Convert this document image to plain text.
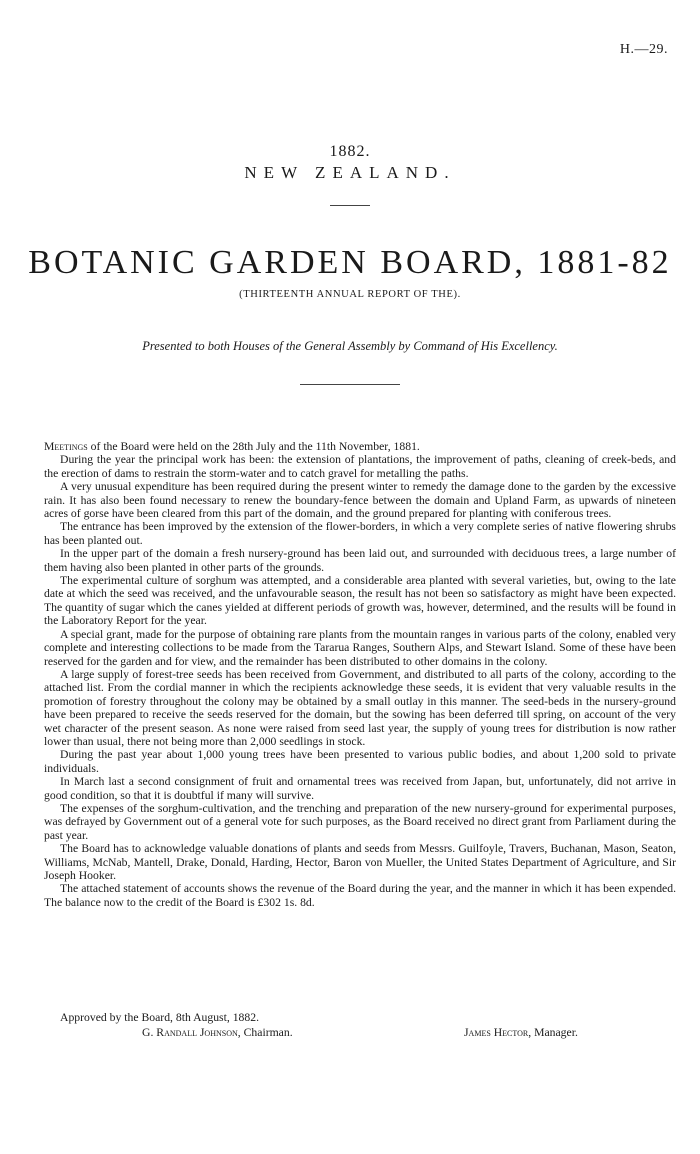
H.—29.
1882.
NEW ZEALAND.
BOTANIC GARDEN BOARD, 1881-82
(THIRTEENTH ANNUAL REPORT OF THE).
Presented to both Houses of the General Assembly by Command of His Excellency.

Meetings of the Board were held on the 28th July and the 11th November, 1881.

During the year the principal work has been: the extension of plantations, the improvement of paths, cleaning of creek-beds, and the erection of dams to restrain the storm-water and to catch gravel for metalling the paths.

A very unusual expenditure has been required during the present winter to remedy the damage done to the garden by the excessive rain. It has also been found necessary to renew the boundary-fence between the domain and Upland Farm, as upwards of nineteen acres of gorse have been cleared from this part of the domain, and the ground prepared for planting with coniferous trees.

The entrance has been improved by the extension of the flower-borders, in which a very complete series of native flowering shrubs has been planted out.

In the upper part of the domain a fresh nursery-ground has been laid out, and surrounded with deciduous trees, a large number of them having also been planted in other parts of the grounds.

The experimental culture of sorghum was attempted, and a considerable area planted with several varieties, but, owing to the late date at which the seed was received, and the unfavourable season, the result has not been so satisfactory as might have been expected. The quantity of sugar which the canes yielded at different periods of growth was, however, determined, and the results will be found in the Laboratory Report for the year.

A special grant, made for the purpose of obtaining rare plants from the mountain ranges in various parts of the colony, enabled very complete and interesting collections to be made from the Tararua Ranges, Southern Alps, and Stewart Island. Some of these have been reserved for the garden and for view, and the remainder has been distributed to other domains in the colony.

A large supply of forest-tree seeds has been received from Government, and distributed to all parts of the colony, according to the attached list. From the cordial manner in which the recipients acknowledge these seeds, it is evident that very valuable results in the promotion of forestry throughout the colony may be obtained by a small outlay in this manner. The seed-beds in the nursery-ground have been prepared to receive the seeds reserved for the domain, but the sowing has been deferred till spring, on account of the very wet character of the present season. As none were raised from seed last year, the supply of young trees for distribution is now rather lower than usual, there not being more than 2,000 seedlings in stock.

During the past year about 1,000 young trees have been presented to various public bodies, and about 1,200 sold to private individuals.

In March last a second consignment of fruit and ornamental trees was received from Japan, but, unfortunately, did not arrive in good condition, so that it is doubtful if many will survive.

The expenses of the sorghum-cultivation, and the trenching and preparation of the new nursery-ground for experimental purposes, was defrayed by Government out of a general vote for such purposes, as the Board received no direct grant from Parliament during the past year.

The Board has to acknowledge valuable donations of plants and seeds from Messrs. Guilfoyle, Travers, Buchanan, Mason, Seaton, Williams, McNab, Mantell, Drake, Donald, Harding, Hector, Baron von Mueller, the United States Department of Agriculture, and Sir Joseph Hooker.

The attached statement of accounts shows the revenue of the Board during the year, and the manner in which it has been expended. The balance now to the credit of the Board is £302 1s. 8d.

Approved by the Board, 8th August, 1882.
G. Randall Johnson, Chairman.	James Hector, Manager.
